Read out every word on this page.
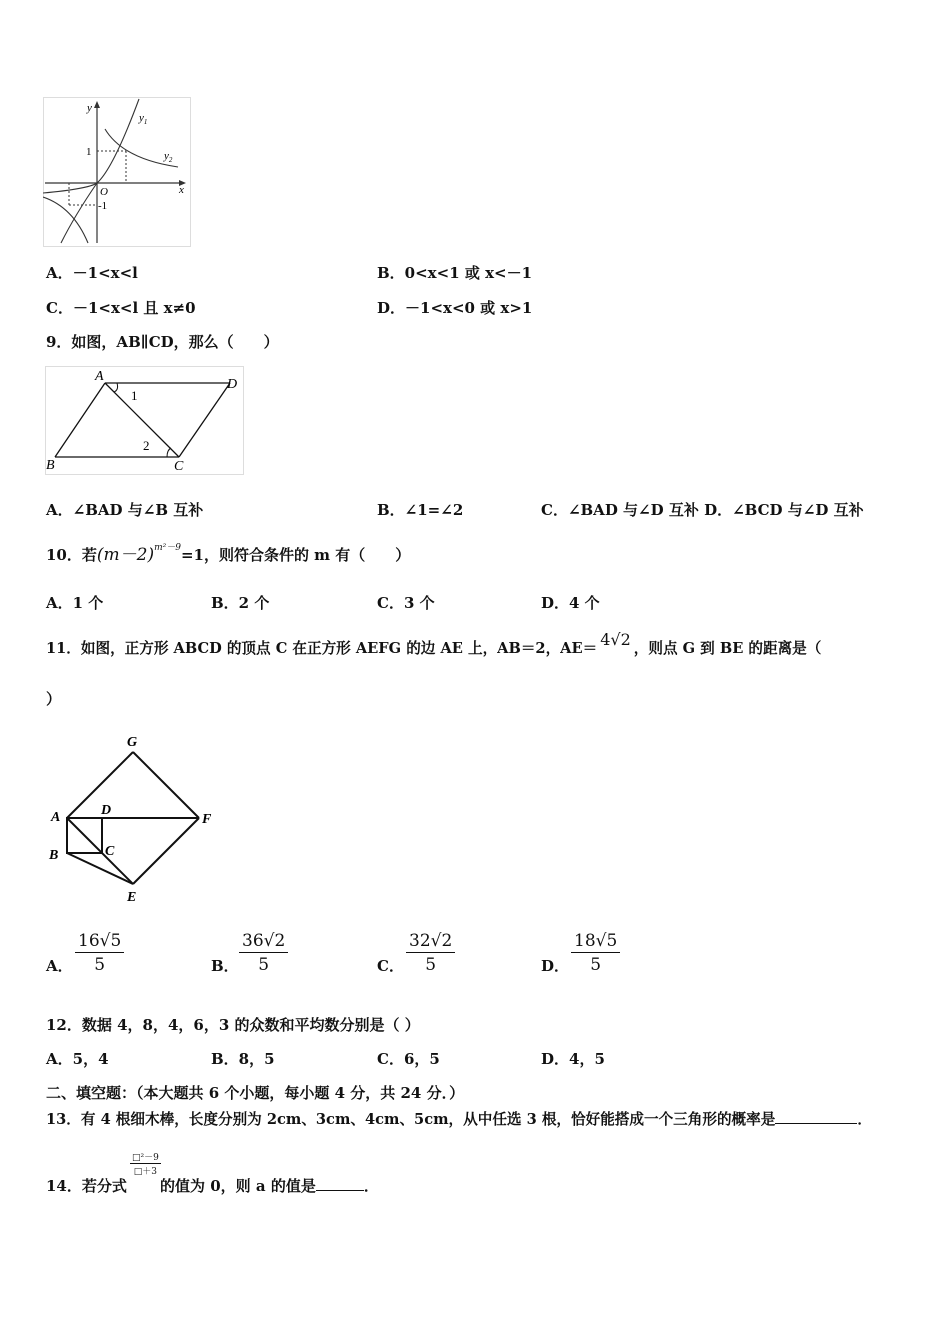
y
x
O
1
-1
$y_1$
$y_2$
A．－1<x<l	B．0<x<1 或 x<－1
C．－1<x<l 且 x≠0	D．－1<x<0 或 x>1
9．如图，AB∥CD，那么（　　）
A
D
B	C
1
2
A．∠BAD 与∠B 互补	B．∠1=∠2	C．∠BAD 与∠D 互补 D．∠BCD 与∠D 互补
10．若$(m-2)^{m^2-9}=1$，则符合条件的 m 有（　　）
A．1 个	B．2 个	C．3 个	D．4 个
11．如图，正方形 ABCD 的顶点 C 在正方形 AEFG 的边 AE 上，AB＝2，AE＝ 4√2 ，则点 G 到 BE 的距离是（
）
G
A	D
F
B	C
E
A． $\frac{16√5}{5}$	B． $\frac{36√2}{5}$	C． $\frac{32√2}{5}$	D． $\frac{18√5}{5}$
12．数据 4，8，4，6，3 的众数和平均数分别是（ ）
A．5，4	B．8，5	C．6，5	D．4，5
二、填空题：（本大题共 6 个小题，每小题 4 分，共 24 分．）
13．有 4 根细木棒，长度分别为 2cm、3cm、4cm、5cm，从中任选 3 根，恰好能搭成一个三角形的概率是	．
14．若分式
$\frac{\text{□²－9}}{□+3}$
的值为 0，则 a 的值是	．
